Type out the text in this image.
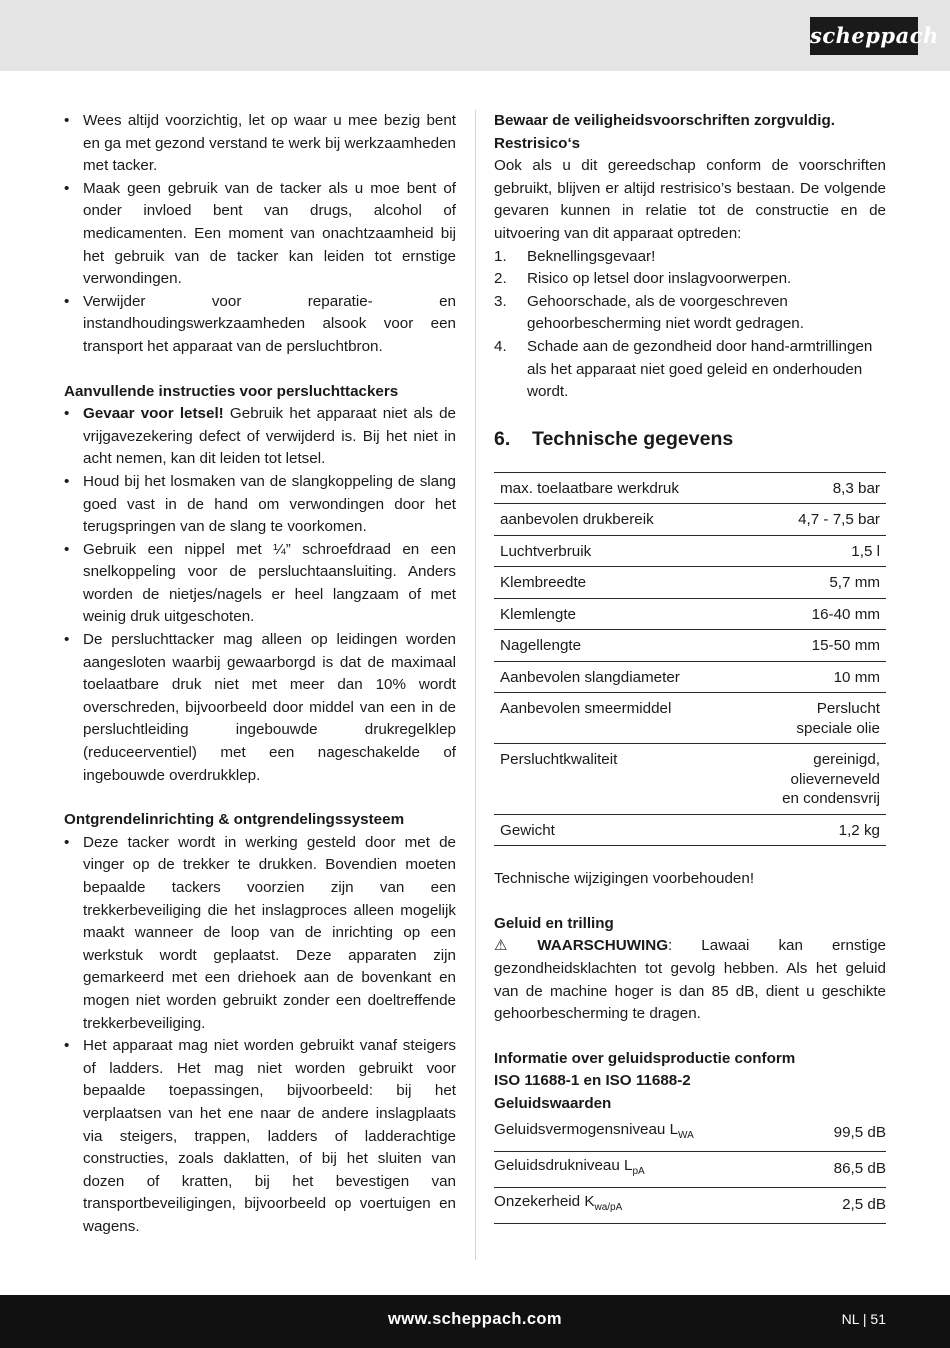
scheppach
• Wees altijd voorzichtig, let op waar u mee bezig bent en ga met gezond verstand te werk bij werkzaamheden met tacker.
• Maak geen gebruik van de tacker als u moe bent of onder invloed bent van drugs, alcohol of medicamenten. Een moment van onachtzaamheid bij het gebruik van de tacker kan leiden tot ernstige verwondingen.
• Verwijder voor reparatie- en instandhoudingswerkzaamheden alsook voor een transport het apparaat van de persluchtbron.
Aanvullende instructies voor persluchttackers
• Gevaar voor letsel! Gebruik het apparaat niet als de vrijgavezekering defect of verwijderd is. Bij het niet in acht nemen, kan dit leiden tot letsel.
• Houd bij het losmaken van de slangkoppeling de slang goed vast in de hand om verwondingen door het terugspringen van de slang te voorkomen.
• Gebruik een nippel met ¼” schroefdraad en een snelkoppeling voor de persluchtaansluiting. Anders worden de nietjes/nagels er heel langzaam of met weinig druk uitgeschoten.
• De persluchttacker mag alleen op leidingen worden aangesloten waarbij gewaarborgd is dat de maximaal toelaatbare druk niet met meer dan 10% wordt overschreden, bijvoorbeeld door middel van een in de persluchtleiding ingebouwde drukregelklep (reduceerventiel) met een nageschakelde of ingebouwde overdrukklep.
Ontgrendelinrichting & ontgrendelingssysteem
• Deze tacker wordt in werking gesteld door met de vinger op de trekker te drukken. Bovendien moeten bepaalde tackers voorzien zijn van een trekkerbeveiliging die het inslagproces alleen mogelijk maakt wanneer de loop van de inrichting op een werkstuk wordt geplaatst. Deze apparaten zijn gemarkeerd met een driehoek aan de bovenkant en mogen niet worden gebruikt zonder een doeltreffende trekkerbeveiliging.
• Het apparaat mag niet worden gebruikt vanaf steigers of ladders. Het mag niet worden gebruikt voor bepaalde toepassingen, bijvoorbeeld: bij het verplaatsen van het ene naar de andere inslagplaats via steigers, trappen, ladders of ladderachtige constructies, zoals daklatten, of bij het sluiten van dozen of kratten, bij het bevestigen van transportbeveiligingen, bijvoorbeeld op voertuigen en wagens.
Bewaar de veiligheidsvoorschriften zorgvuldig.
Restrisico‘s

Ook als u dit gereedschap conform de voorschriften gebruikt, blijven er altijd restrisico’s bestaan. De volgende gevaren kunnen in relatie tot de constructie en de uitvoering van dit apparaat optreden:

1. Beknellingsgevaar!
2. Risico op letsel door inslagvoorwerpen.
3. Gehoorschade, als de voorgeschreven gehoorbescherming niet wordt gedragen.
4. Schade aan de gezondheid door hand-armtrillingen als het apparaat niet goed geleid en onderhouden wordt.
6. Technische gegevens
max. toelaatbare werkdruk	8,3 bar
aanbevolen drukbereik	4,7 - 7,5 bar
Luchtverbruik	1,5 l
Klembreedte	5,7 mm
Klemlengte	16-40 mm
Nagellengte	15-50 mm
Aanbevolen slangdiameter	10 mm
Aanbevolen smeermiddel	Perslucht
speciale olie
Persluchtkwaliteit	gereinigd,
olieverneveld
en condensvrij
Gewicht	1,2 kg

Technische wijzigingen voorbehouden!

Geluid en trilling

⚠ WAARSCHUWING: Lawaai kan ernstige gezondheidsklachten tot gevolg hebben. Als het geluid van de machine hoger is dan 85 dB, dient u geschikte gehoorbescherming te dragen.

Informatie over geluidsproductie conform
ISO 11688-1 en ISO 11688-2
Geluidswaarden
Geluidsvermogensniveau $L_{WA}$	99,5 dB
Geluidsdrukniveau $L_{pA}$	86,5 dB
Onzekerheid $K_{wa/pA}$	2,5 dB
www.scheppach.com	NL | 51
